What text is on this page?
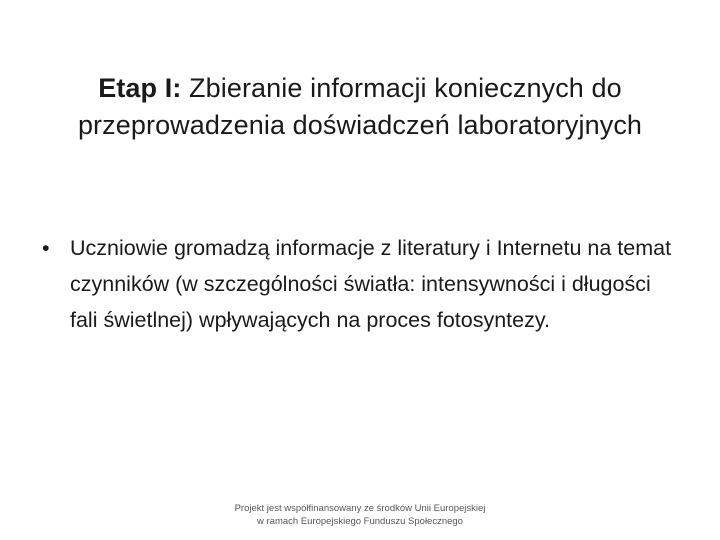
Etap I: Zbieranie informacji koniecznych do przeprowadzenia doświadczeń laboratoryjnych
• Uczniowie gromadzą informacje z literatury i Internetu na temat czynników (w szczególności światła: intensywności i długości fali świetlnej) wpływających na proces fotosyntezy.
Projekt jest współfinansowany ze środków Unii Europejskiej
w ramach Europejskiego Funduszu Społecznego
